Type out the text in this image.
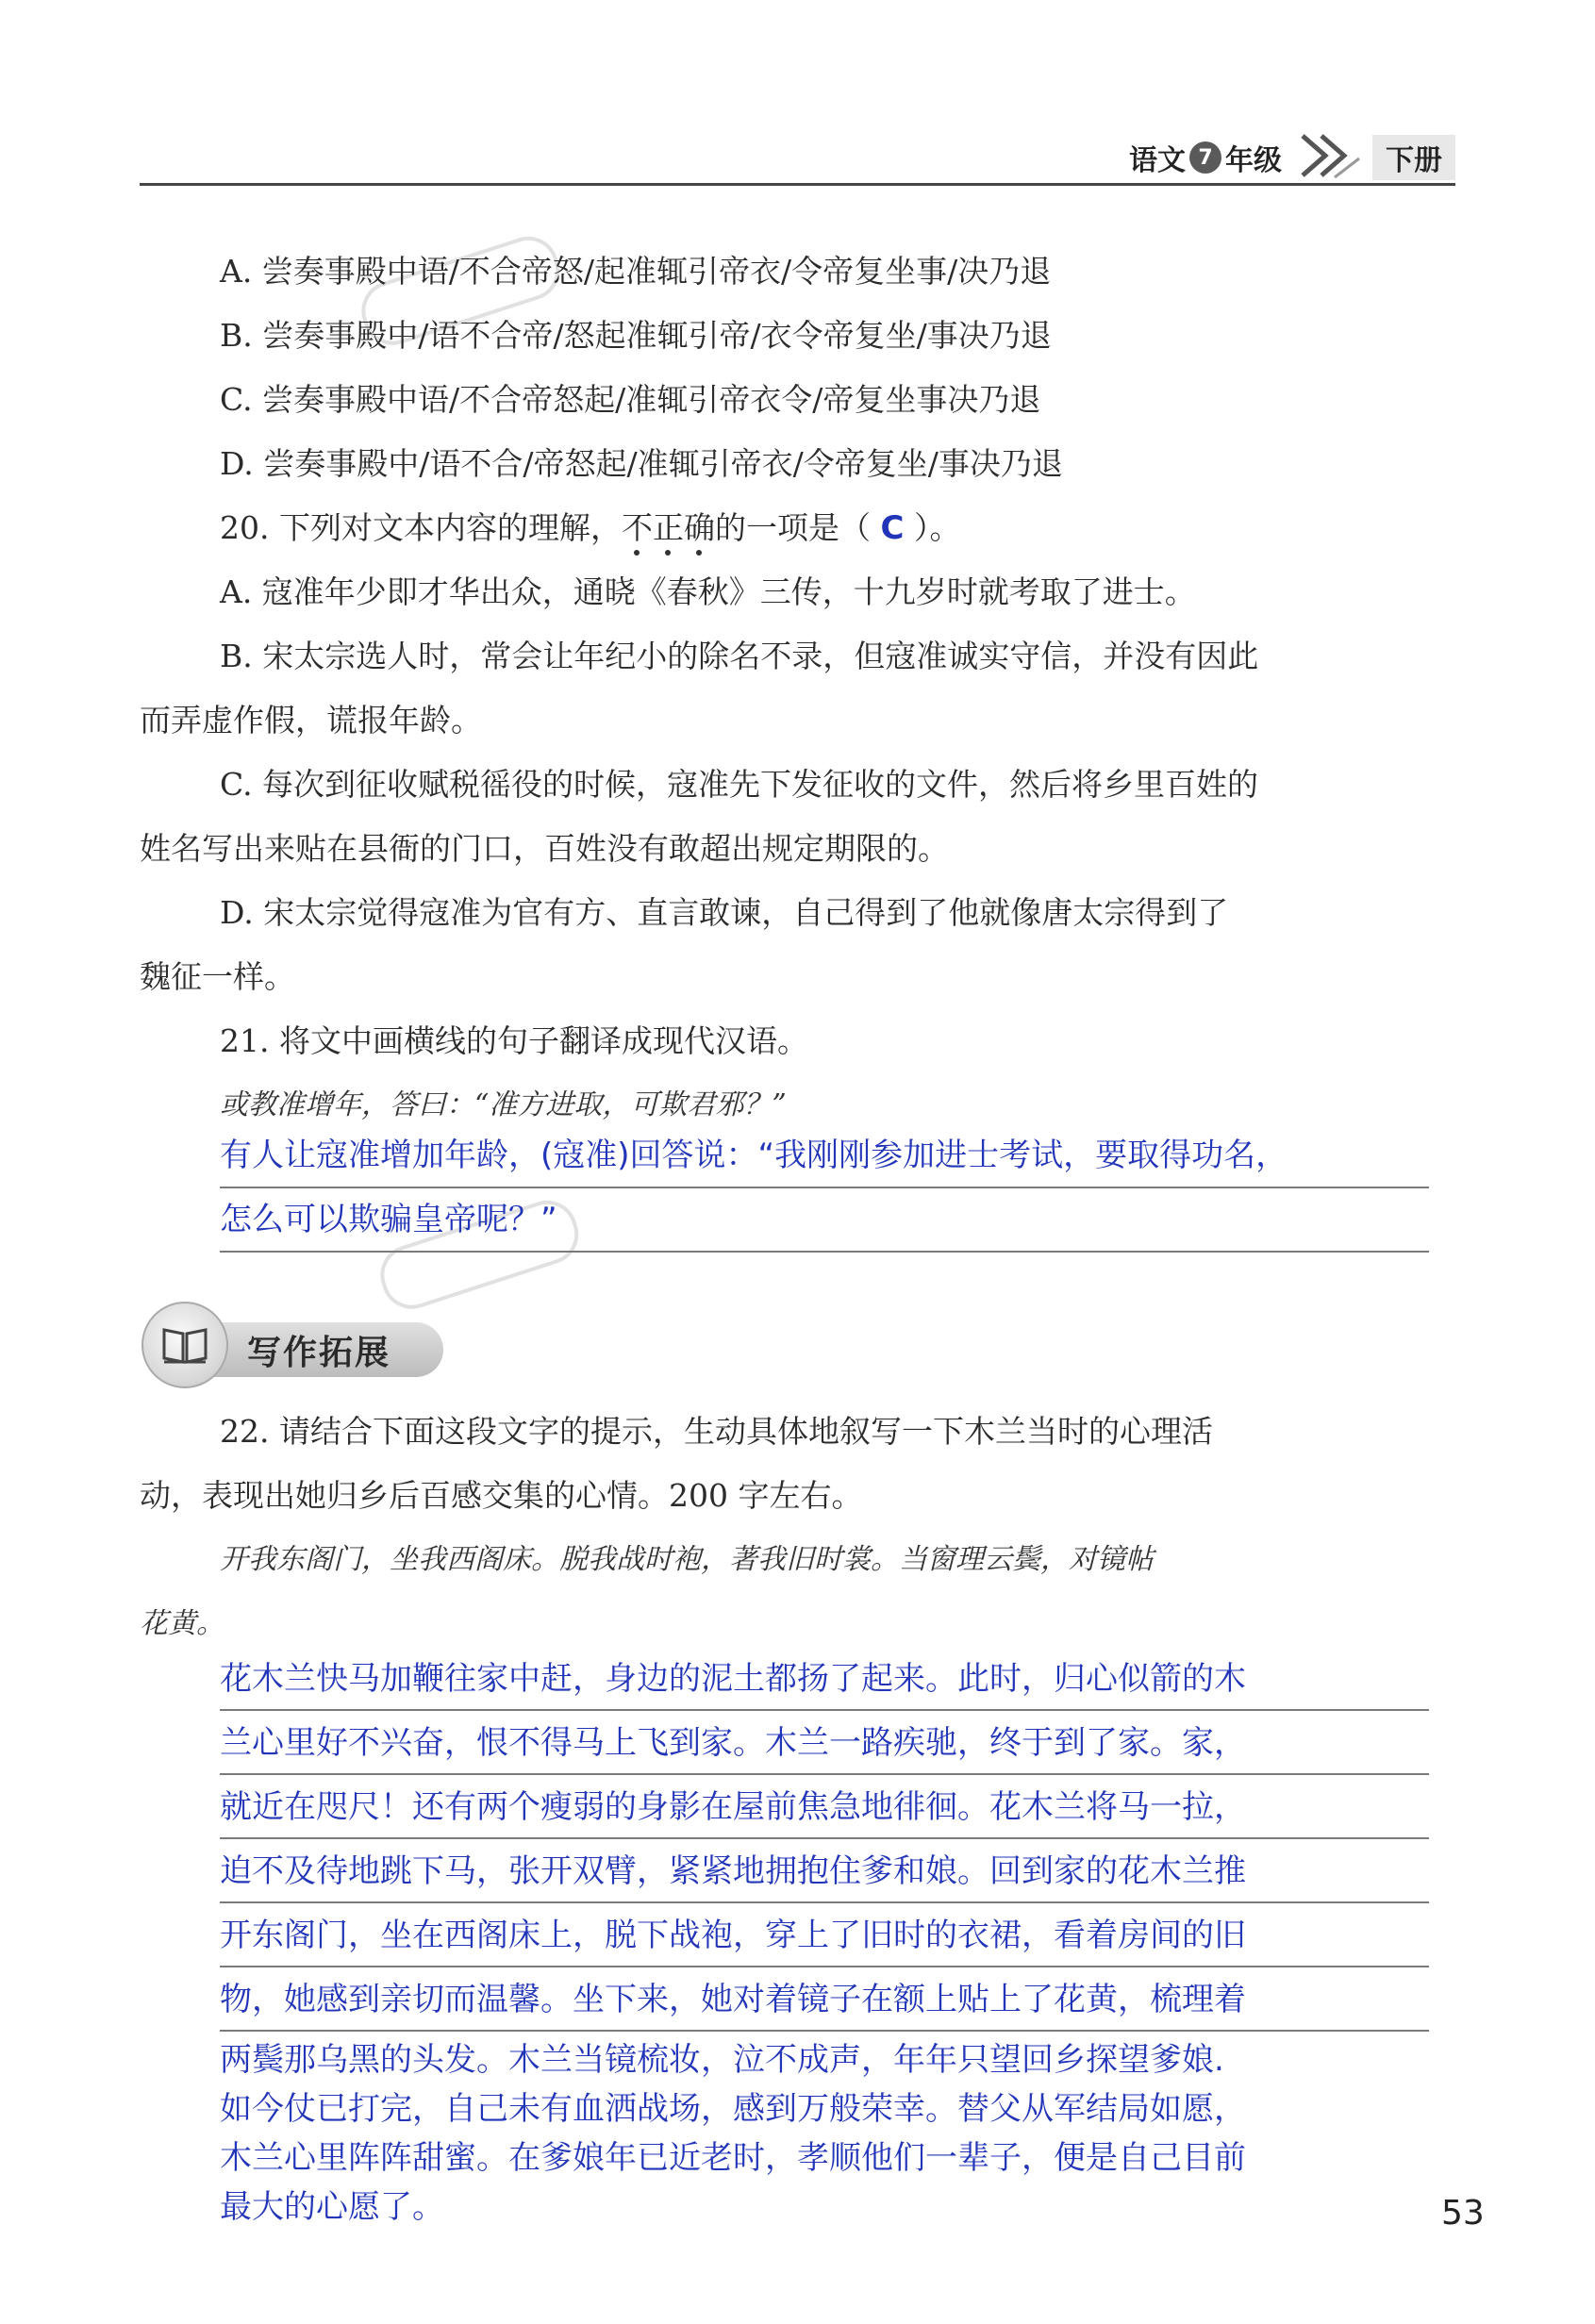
语文 7 年级	下册
A. 尝奏事殿中语/不合帝怒/起准辄引帝衣/令帝复坐事/决乃退
B. 尝奏事殿中/语不合帝/怒起准辄引帝/衣令帝复坐/事决乃退
C. 尝奏事殿中语/不合帝怒起/准辄引帝衣令/帝复坐事决乃退
D. 尝奏事殿中/语不合/帝怒起/准辄引帝衣/令帝复坐/事决乃退
20. 下列对文本内容的理解，不正确的一项是（ C ）。
A. 寇准年少即才华出众，通晓《春秋》三传，十九岁时就考取了进士。
B. 宋太宗选人时，常会让年纪小的除名不录，但寇准诚实守信，并没有因此
而弄虚作假，谎报年龄。
C. 每次到征收赋税徭役的时候，寇准先下发征收的文件，然后将乡里百姓的
姓名写出来贴在县衙的门口，百姓没有敢超出规定期限的。
D. 宋太宗觉得寇准为官有方、直言敢谏，自己得到了他就像唐太宗得到了
魏征一样。
21. 将文中画横线的句子翻译成现代汉语。
或教准增年，答曰：“准方进取，可欺君邪？”
有人让寇准增加年龄，(寇准)回答说：“我刚刚参加进士考试，要取得功名，
怎么可以欺骗皇帝呢？”
写作拓展
22. 请结合下面这段文字的提示，生动具体地叙写一下木兰当时的心理活
动，表现出她归乡后百感交集的心情。200 字左右。
开我东阁门，坐我西阁床。脱我战时袍，著我旧时裳。当窗理云鬓，对镜帖
花黄。
花木兰快马加鞭往家中赶，身边的泥土都扬了起来。此时，归心似箭的木
兰心里好不兴奋，恨不得马上飞到家。木兰一路疾驰，终于到了家。家，
就近在咫尺！还有两个瘦弱的身影在屋前焦急地徘徊。花木兰将马一拉，
迫不及待地跳下马，张开双臂，紧紧地拥抱住爹和娘。回到家的花木兰推
开东阁门，坐在西阁床上，脱下战袍，穿上了旧时的衣裙，看着房间的旧
物，她感到亲切而温馨。坐下来，她对着镜子在额上贴上了花黄，梳理着
两鬓那乌黑的头发。木兰当镜梳妆，泣不成声，年年只望回乡探望爹娘.
如今仗已打完，自己未有血洒战场，感到万般荣幸。替父从军结局如愿，
木兰心里阵阵甜蜜。在爹娘年已近老时，孝顺他们一辈子，便是自己目前
最大的心愿了。	53
